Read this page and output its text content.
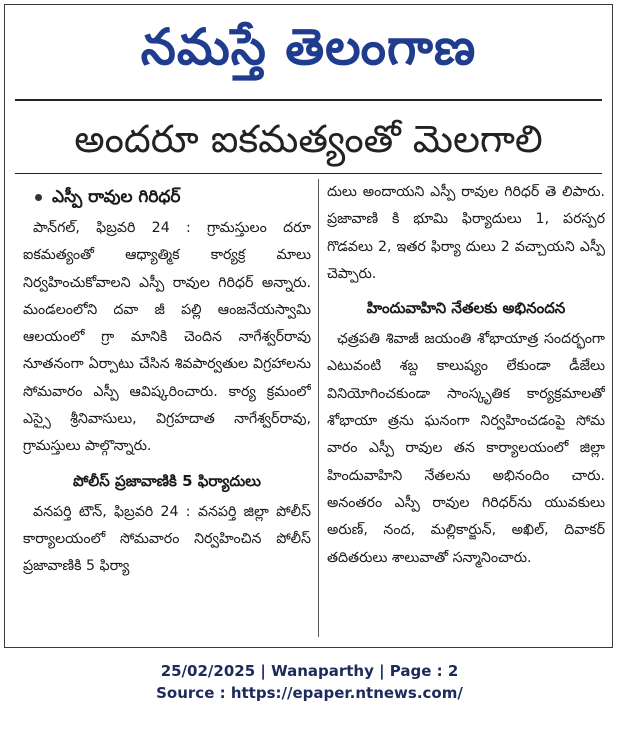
నమస్తే తెలంగాణ
అందరూ ఐకమత్యంతో మెలగాలి
ఎస్పీ రావుల గిరిధర్

పాన్‌గల్, ఫిబ్రవరి 24 : గ్రామస్తులం దరూ ఐకమత్యంతో ఆధ్యాత్మిక కార్యక్ర మాలు నిర్వహించుకోవాలని ఎస్పీ రావుల గిరిధర్ అన్నారు. మండలంలోని దవా జీ పల్లి ఆంజనేయస్వామి ఆలయంలో గ్రా మానికి చెందిన నాగేశ్వర్‌రావు నూతనంగా ఏర్పాటు చేసిన శివపార్వతుల విగ్రహాలను సోమవారం ఎస్పీ ఆవిష్కరించారు. కార్య క్రమంలో ఎస్సై శ్రీనివాసులు, విగ్రహదాత నాగేశ్వర్‌రావు, గ్రామస్తులు పాల్గొన్నారు.

పోలీస్ ప్రజావాణికి 5 ఫిర్యాదులు

వనపర్తి టౌన్, ఫిబ్రవరి 24 : వనపర్తి జిల్లా పోలీస్ కార్యాలయంలో సోమవారం నిర్వహించిన పోలీస్ ప్రజావాణికి 5 ఫిర్యా

దులు అందాయని ఎస్పీ రావుల గిరిధర్ తె లిపారు. ప్రజావాణి కి భూమి ఫిర్యాదులు 1, పరస్పర గొడవలు 2, ఇతర ఫిర్యా దులు 2 వచ్చాయని ఎస్పీ చెప్పారు.

హిందువాహిని నేతలకు అభినందన

ఛత్రపతి శివాజీ జయంతి శోభాయాత్ర సందర్భంగా ఎటువంటి శబ్ద కాలుష్యం లేకుండా డీజేలు వినియోగించకుండా సాంస్కృతిక కార్యక్రమాలతో శోభాయా త్రను ఘనంగా నిర్వహించడంపై సోమ వారం ఎస్పీ రావుల తన కార్యాలయంలో జిల్లా హిందువాహిని నేతలను అభినందిం చారు. అనంతరం ఎస్పీ రావుల గిరిధర్‌ను యువకులు అరుణ్, నంద, మల్లికార్జున్, అఖిల్, దివాకర్ తదితరులు శాలువాతో సన్మానించారు.

25/02/2025 | Wanaparthy | Page : 2
Source : https://epaper.ntnews.com/
